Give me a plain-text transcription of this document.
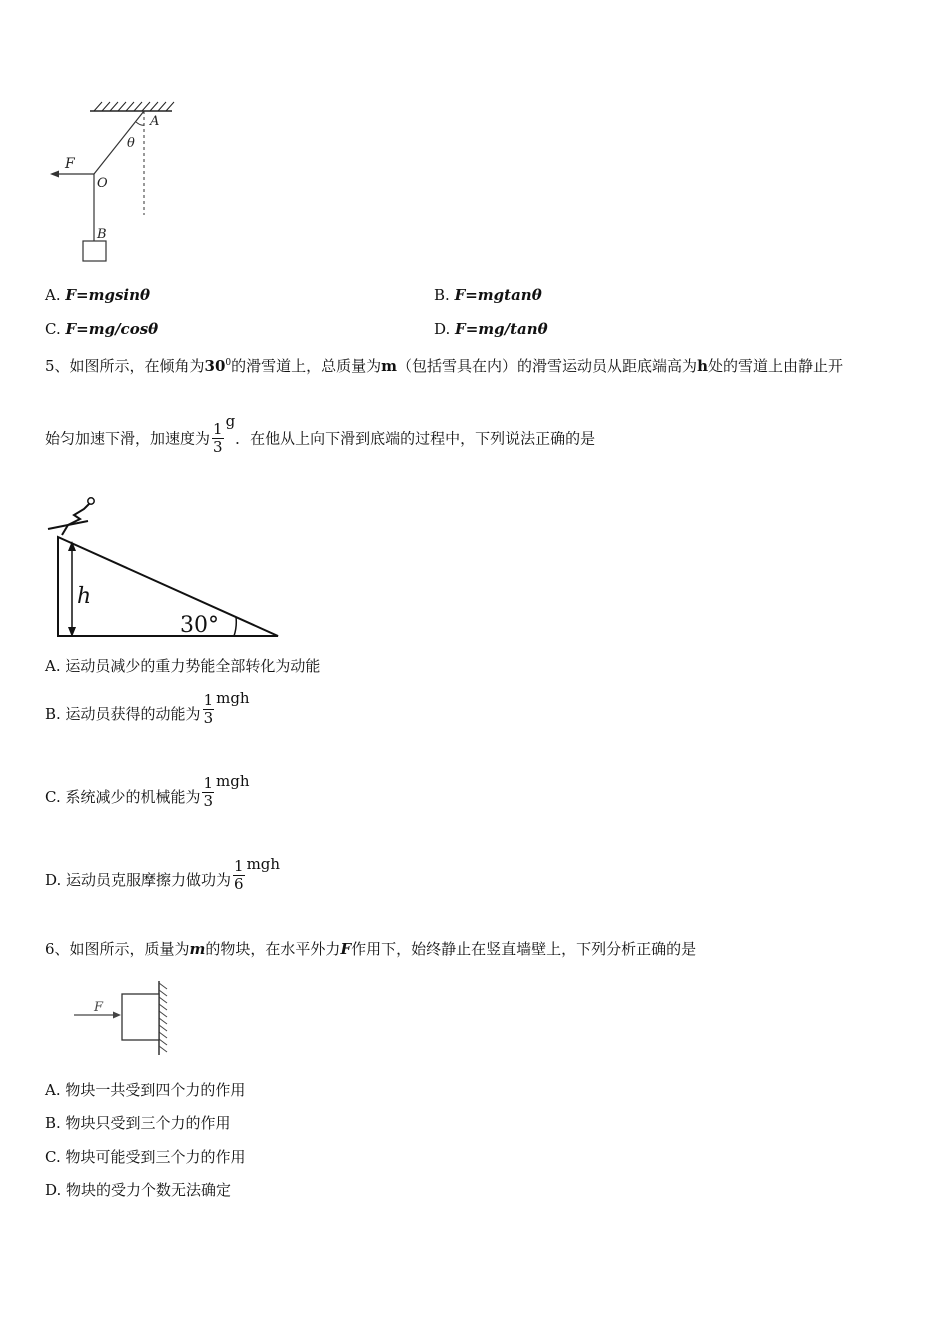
A
F
O
B
θ
A. F=mgsinθ	B. F=mgtanθ
C. F=mg/cosθ	D. F=mg/tanθ
5、如图所示，在倾角为$30^0$的滑雪道上，总质量为m（包括雪具在内）的滑雪运动员从距底端高为h处的雪道上由静止开
始匀加速下滑，加速度为 $\frac{1}{3}$ g．在他从上向下滑到底端的过程中，下列说法正确的是
h
30°
A. 运动员减少的重力势能全部转化为动能
B. 运动员获得的动能为 $\frac{1}{3}$ mgh
C. 系统减少的机械能为 $\frac{1}{3}$ mgh
D. 运动员克服摩擦力做功为 $\frac{1}{6}$ mgh
6、如图所示，质量为m的物块，在水平外力F作用下，始终静止在竖直墙壁上，下列分析正确的是
F
A. 物块一共受到四个力的作用
B. 物块只受到三个力的作用
C. 物块可能受到三个力的作用
D. 物块的受力个数无法确定
